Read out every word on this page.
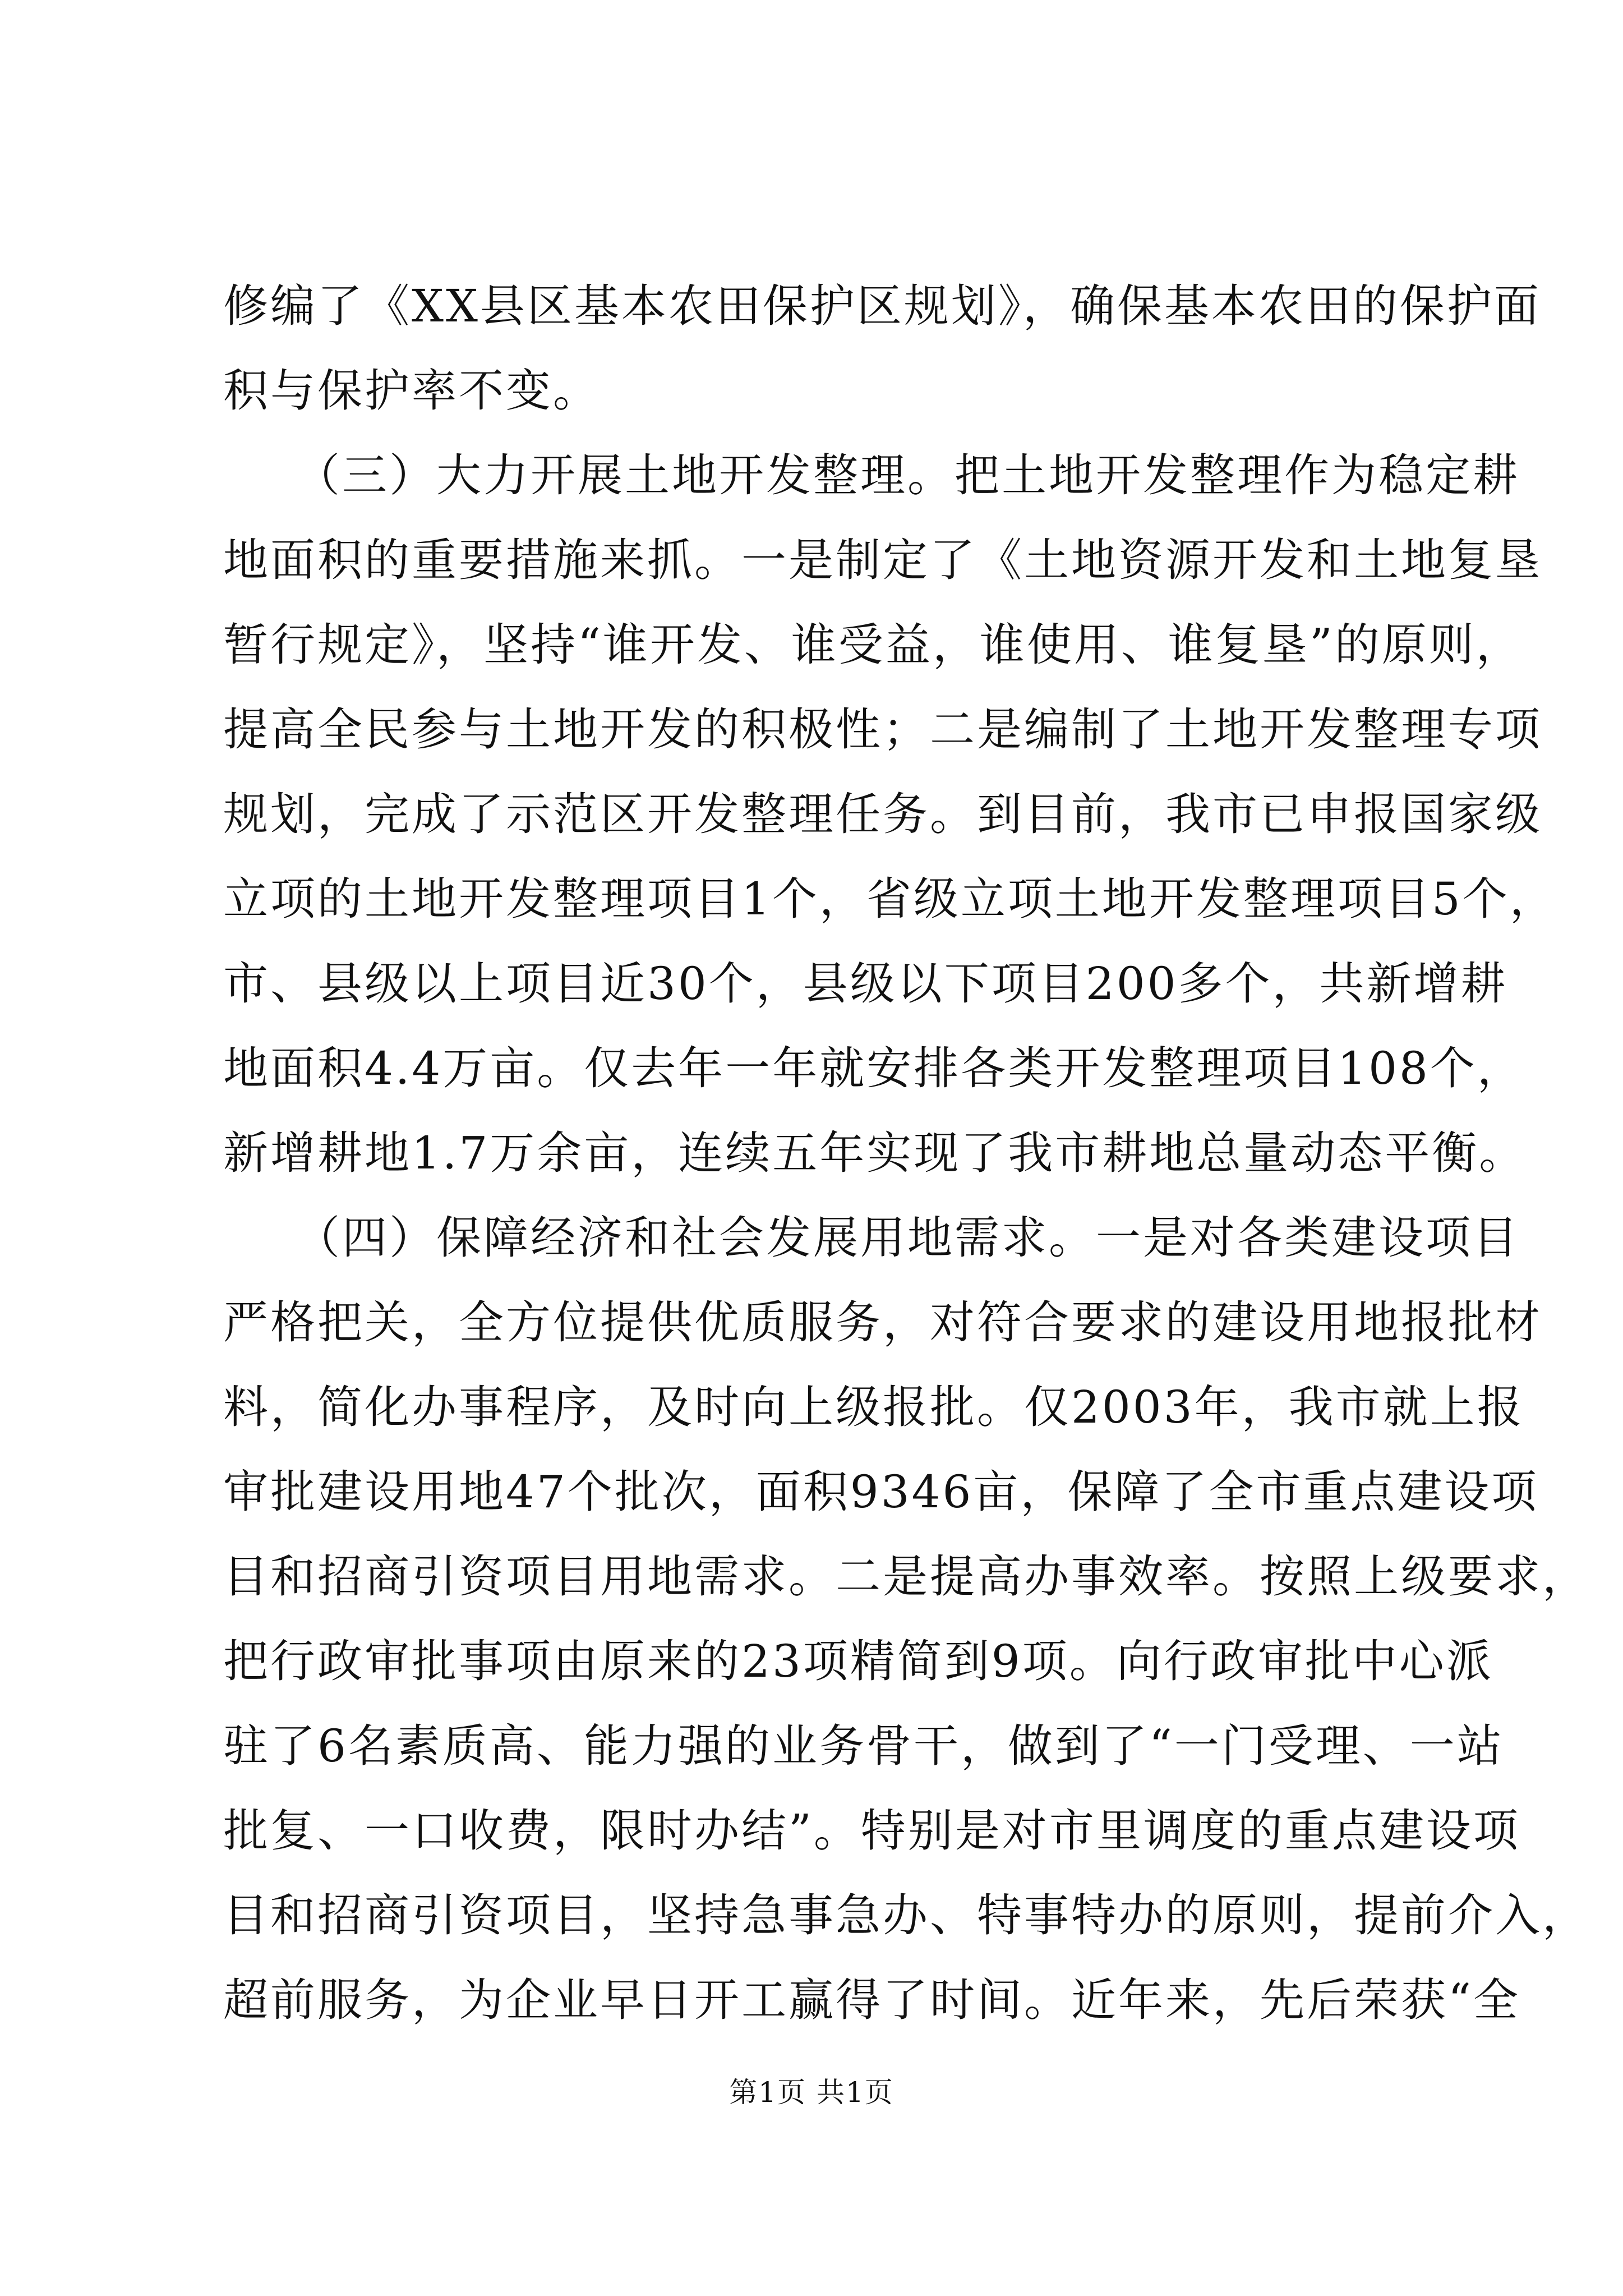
修编了《XX县区基本农田保护区规划》，确保基本农田的保护面
积与保护率不变。
　　（三）大力开展土地开发整理。把土地开发整理作为稳定耕
地面积的重要措施来抓。一是制定了《土地资源开发和土地复垦
暂行规定》，坚持“谁开发、谁受益，谁使用、谁复垦”的原则，
提高全民参与土地开发的积极性；二是编制了土地开发整理专项
规划，完成了示范区开发整理任务。到目前，我市已申报国家级
立项的土地开发整理项目1个，省级立项土地开发整理项目5个，
市、县级以上项目近30个，县级以下项目200多个，共新增耕
地面积4.4万亩。仅去年一年就安排各类开发整理项目108个，
新增耕地1.7万余亩，连续五年实现了我市耕地总量动态平衡。
　　（四）保障经济和社会发展用地需求。一是对各类建设项目
严格把关，全方位提供优质服务，对符合要求的建设用地报批材
料，简化办事程序，及时向上级报批。仅2003年，我市就上报
审批建设用地47个批次，面积9346亩，保障了全市重点建设项
目和招商引资项目用地需求。二是提高办事效率。按照上级要求，
把行政审批事项由原来的23项精简到9项。向行政审批中心派
驻了6名素质高、能力强的业务骨干，做到了“一门受理、一站
批复、一口收费，限时办结”。特别是对市里调度的重点建设项
目和招商引资项目，坚持急事急办、特事特办的原则，提前介入，
超前服务，为企业早日开工赢得了时间。近年来，先后荣获“全
第1页 共1页
